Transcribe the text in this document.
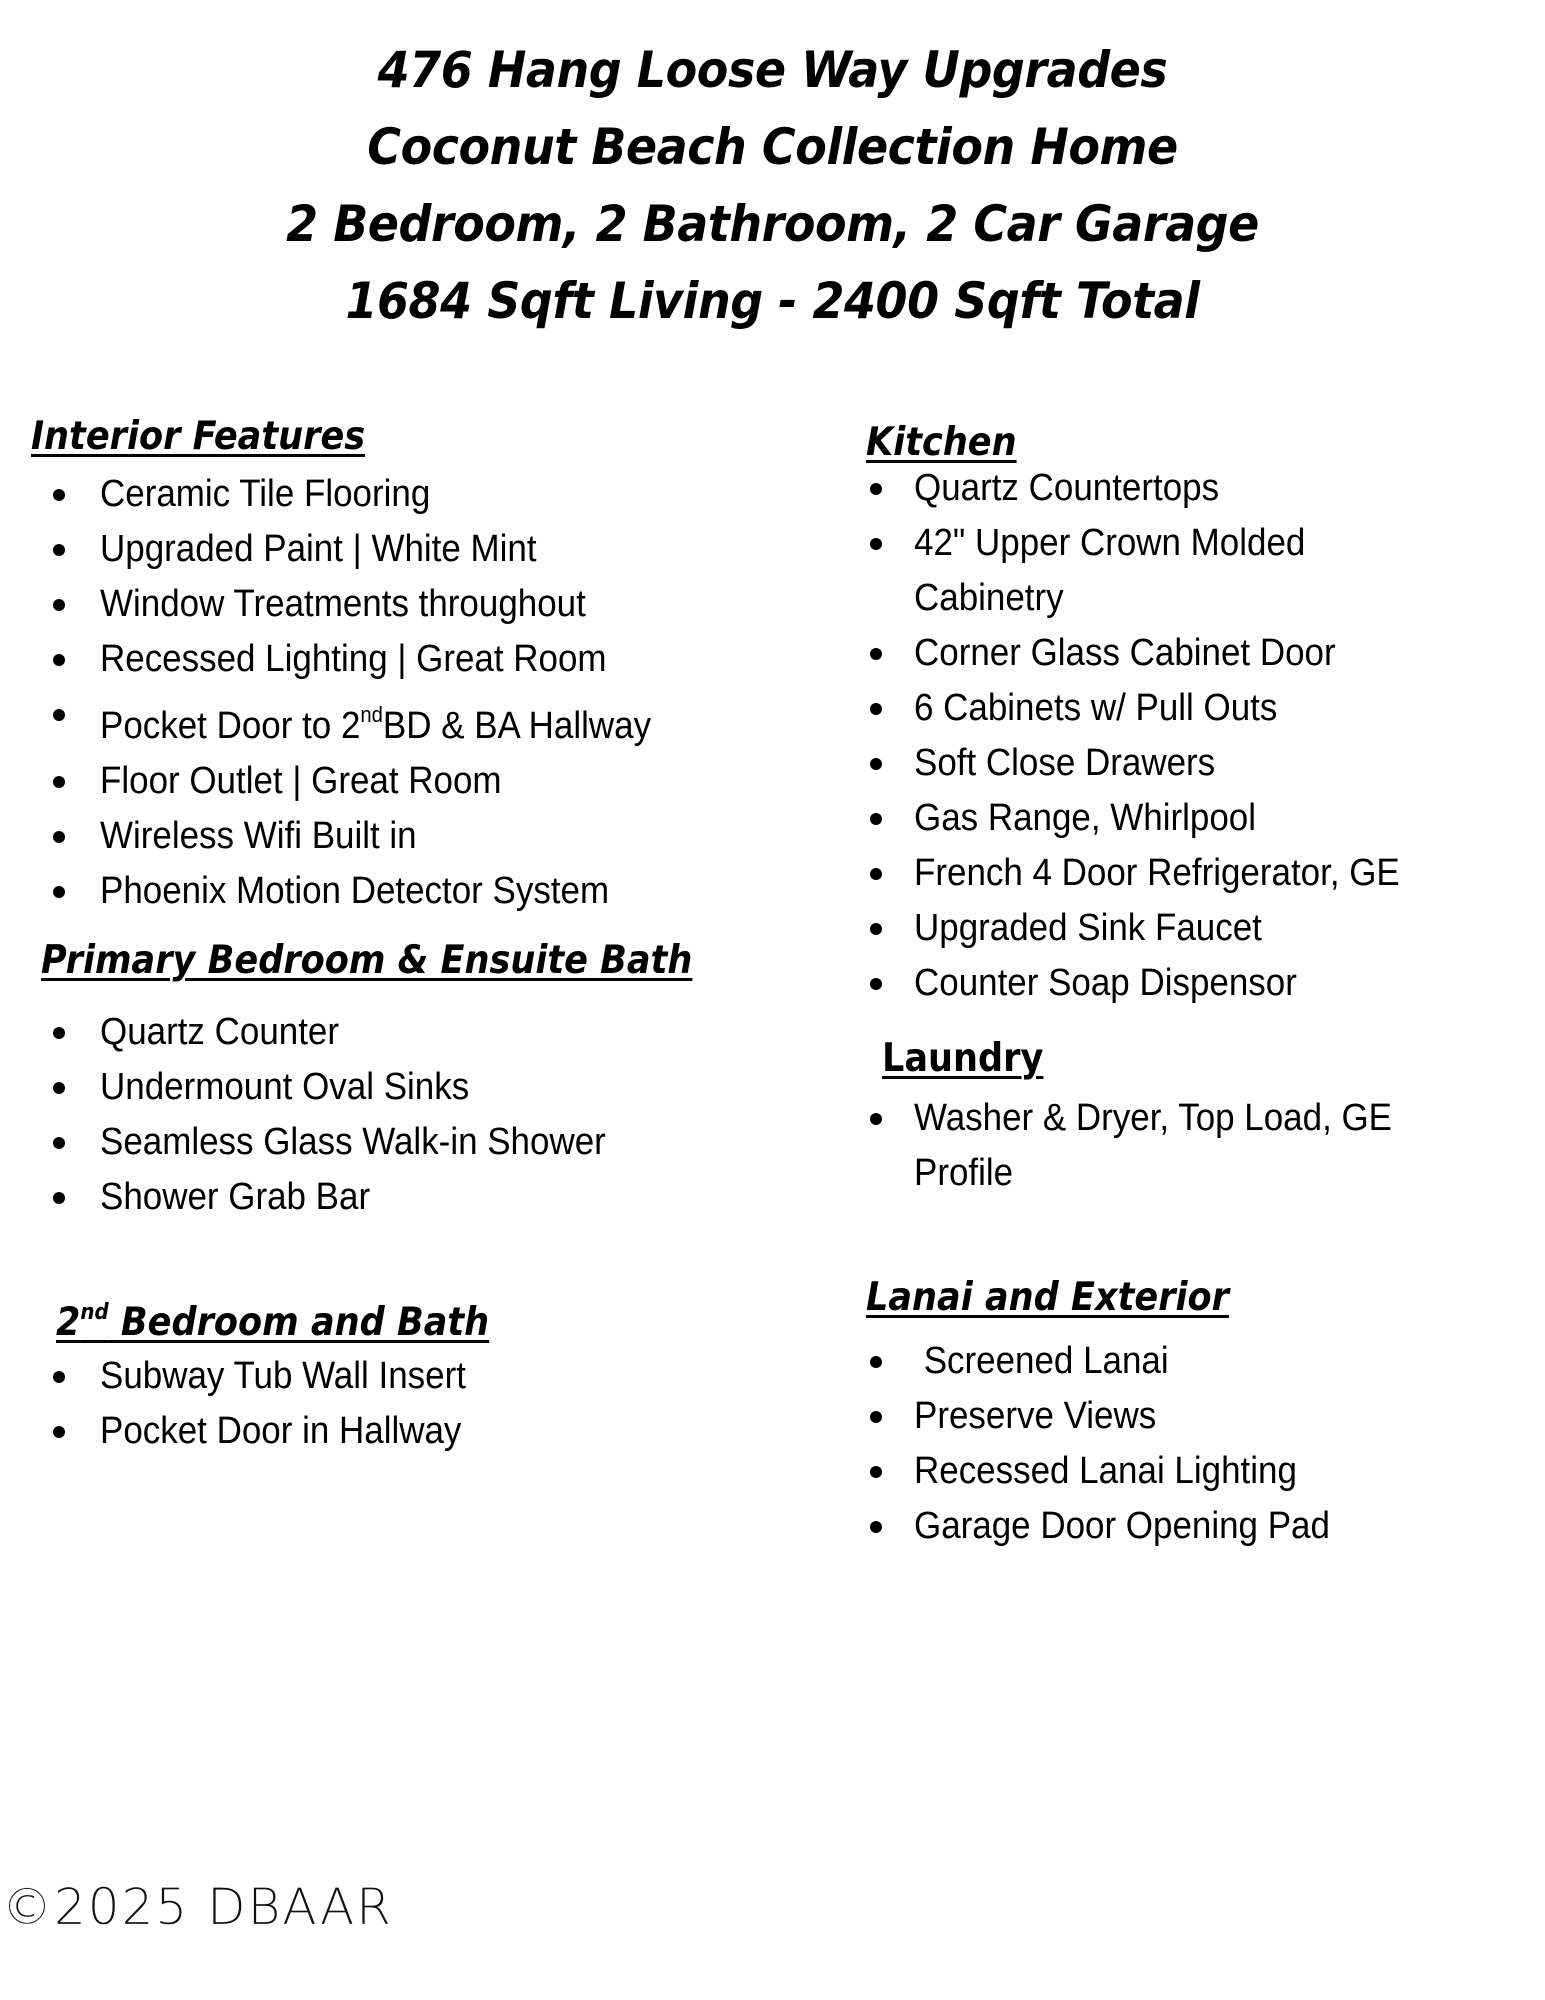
476 Hang Loose Way Upgrades
Coconut Beach Collection Home
2 Bedroom, 2 Bathroom, 2 Car Garage
1684 Sqft Living - 2400 Sqft Total
Interior Features
Ceramic Tile Flooring
Upgraded Paint | White Mint
Window Treatments throughout
Recessed Lighting | Great Room
Pocket Door to 2ndBD & BA Hallway
Floor Outlet | Great Room
Wireless Wifi Built in
Phoenix Motion Detector System
Primary Bedroom & Ensuite Bath
Quartz Counter
Undermount Oval Sinks
Seamless Glass Walk-in Shower
Shower Grab Bar
2nd Bedroom and Bath
Subway Tub Wall Insert
Pocket Door in Hallway
Kitchen
Quartz Countertops
42" Upper Crown Molded Cabinetry
Corner Glass Cabinet Door
6 Cabinets w/ Pull Outs
Soft Close Drawers
Gas Range, Whirlpool
French 4 Door Refrigerator, GE
Upgraded Sink Faucet
Counter Soap Dispensor
Laundry
Washer & Dryer, Top Load, GE Profile
Lanai and Exterior
Screened Lanai
Preserve Views
Recessed Lanai Lighting
Garage Door Opening Pad
©2025 DBAAR
